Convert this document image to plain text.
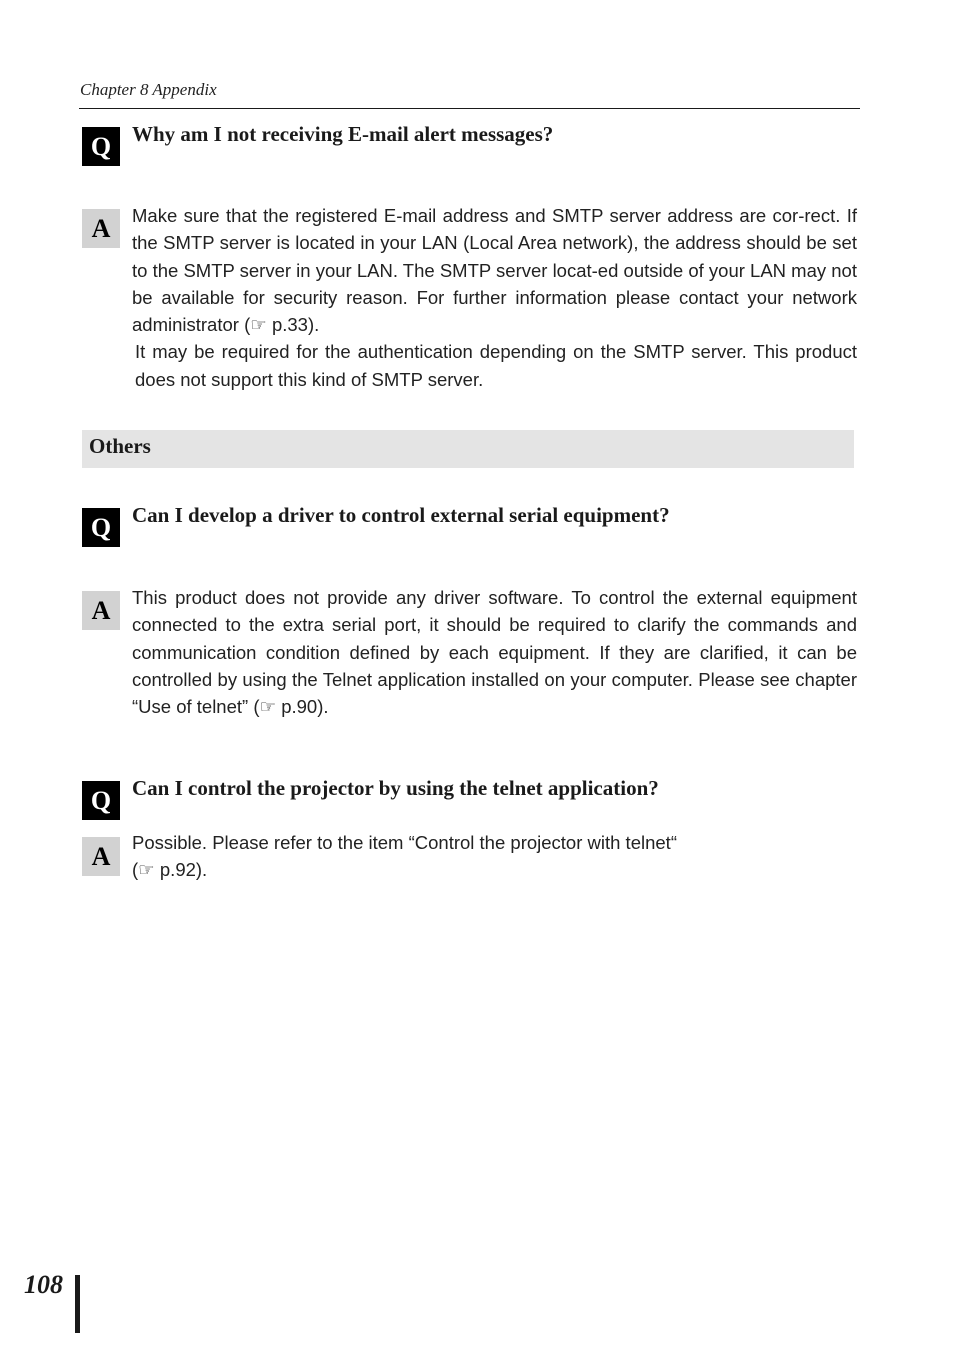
Chapter 8 Appendix
Q Why am I not receiving E-mail alert messages?
A	Make sure that the registered E-mail address and SMTP server address are cor-rect. If the SMTP server is located in your LAN (Local Area network), the address should be set to the SMTP server in your LAN. The SMTP server locat-ed outside of your LAN may not be available for security reason. For further information please contact your network administrator (☞ p.33).

It may be required for the authentication depending on the SMTP server. This product does not support this kind of SMTP server.

Others
Q Can I develop a driver to control external serial equipment?
A	This product does not provide any driver software. To control the external equipment connected to the extra serial port, it should be required to clarify the commands and communication condition defined by each equipment. If they are clarified, it can be controlled by using the Telnet application installed on your computer. Please see chapter “Use of telnet” (☞ p.90).

Q Can I control the projector by using the telnet application?
A	Possible. Please refer to the item “Control the projector with telnet“

(☞ p.92).

108
